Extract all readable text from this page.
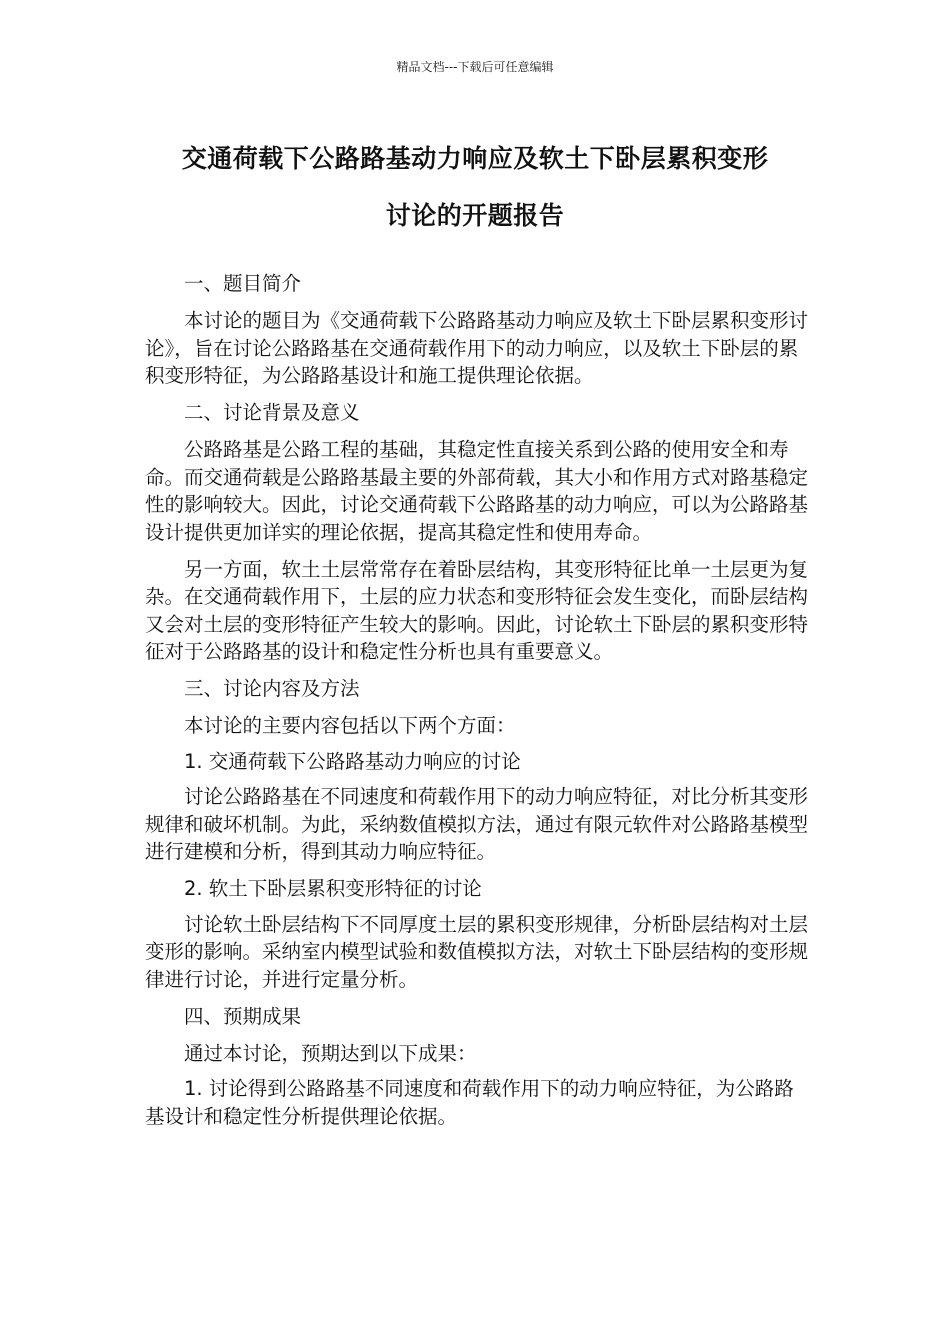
精品文档---下载后可任意编辑
交通荷载下公路路基动力响应及软土下卧层累积变形
讨论的开题报告

一、题目简介

本讨论的题目为《交通荷载下公路路基动力响应及软土下卧层累积变形讨论》，旨在讨论公路路基在交通荷载作用下的动力响应，以及软土下卧层的累积变形特征，为公路路基设计和施工提供理论依据。

二、讨论背景及意义

公路路基是公路工程的基础，其稳定性直接关系到公路的使用安全和寿命。而交通荷载是公路路基最主要的外部荷载，其大小和作用方式对路基稳定性的影响较大。因此，讨论交通荷载下公路路基的动力响应，可以为公路路基设计提供更加详实的理论依据，提高其稳定性和使用寿命。

另一方面，软土土层常常存在着卧层结构，其变形特征比单一土层更为复杂。在交通荷载作用下，土层的应力状态和变形特征会发生变化，而卧层结构又会对土层的变形特征产生较大的影响。因此，讨论软土下卧层的累积变形特征对于公路路基的设计和稳定性分析也具有重要意义。

三、讨论内容及方法

本讨论的主要内容包括以下两个方面：

1. 交通荷载下公路路基动力响应的讨论

讨论公路路基在不同速度和荷载作用下的动力响应特征，对比分析其变形规律和破坏机制。为此，采纳数值模拟方法，通过有限元软件对公路路基模型进行建模和分析，得到其动力响应特征。

2. 软土下卧层累积变形特征的讨论

讨论软土卧层结构下不同厚度土层的累积变形规律，分析卧层结构对土层变形的影响。采纳室内模型试验和数值模拟方法，对软土下卧层结构的变形规律进行讨论，并进行定量分析。

四、预期成果

通过本讨论，预期达到以下成果：

1. 讨论得到公路路基不同速度和荷载作用下的动力响应特征，为公路路基设计和稳定性分析提供理论依据。
